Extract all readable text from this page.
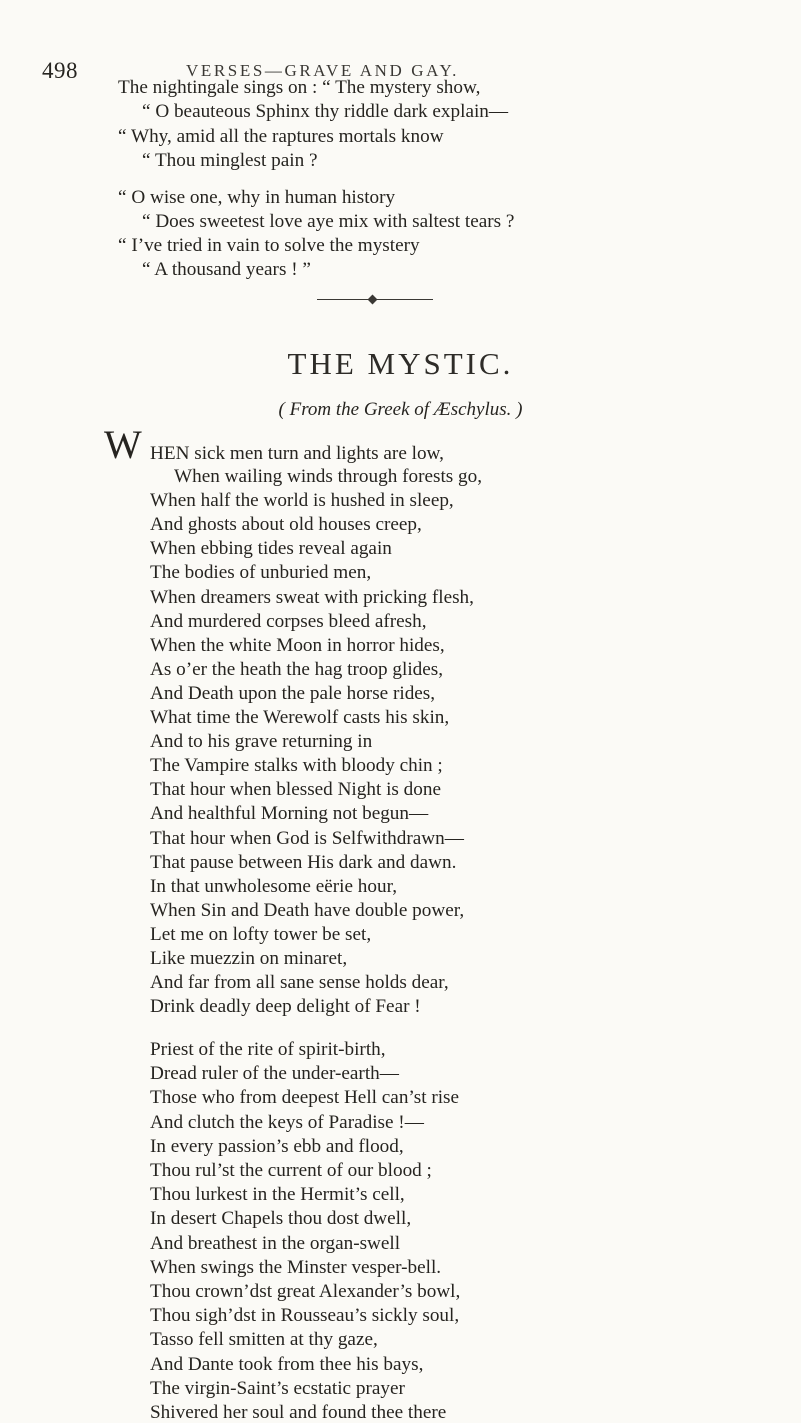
498	VERSES—GRAVE AND GAY.
The nightingale sings on : “ The mystery show,
“ O beauteous Sphinx thy riddle dark explain—
“ Why, amid all the raptures mortals know
“ Thou minglest pain ?
“ O wise one, why in human history
“ Does sweetest love aye mix with saltest tears ?
“ I’ve tried in vain to solve the mystery
“ A thousand years ! ”
THE MYSTIC.
( From the Greek of Æschylus. )
W HEN sick men turn and lights are low,
When wailing winds through forests go,
When half the world is hushed in sleep,
And ghosts about old houses creep,
When ebbing tides reveal again
The bodies of unburied men,
When dreamers sweat with pricking flesh,
And murdered corpses bleed afresh,
When the white Moon in horror hides,
As o’er the heath the hag troop glides,
And Death upon the pale horse rides,
What time the Werewolf casts his skin,
And to his grave returning in
The Vampire stalks with bloody chin ;
That hour when blessed Night is done
And healthful Morning not begun—
That hour when God is Selfwithdrawn—
That pause between His dark and dawn.
In that unwholesome eërie hour,
When Sin and Death have double power,
Let me on lofty tower be set,
Like muezzin on minaret,
And far from all sane sense holds dear,
Drink deadly deep delight of Fear !
Priest of the rite of spirit-birth,
Dread ruler of the under-earth—
Those who from deepest Hell can’st rise
And clutch the keys of Paradise !—
In every passion’s ebb and flood,
Thou rul’st the current of our blood ;
Thou lurkest in the Hermit’s cell,
In desert Chapels thou dost dwell,
And breathest in the organ-swell
When swings the Minster vesper-bell.
Thou crown’dst great Alexander’s bowl,
Thou sigh’dst in Rousseau’s sickly soul,
Tasso fell smitten at thy gaze,
And Dante took from thee his bays,
The virgin-Saint’s ecstatic prayer
Shivered her soul and found thee there
